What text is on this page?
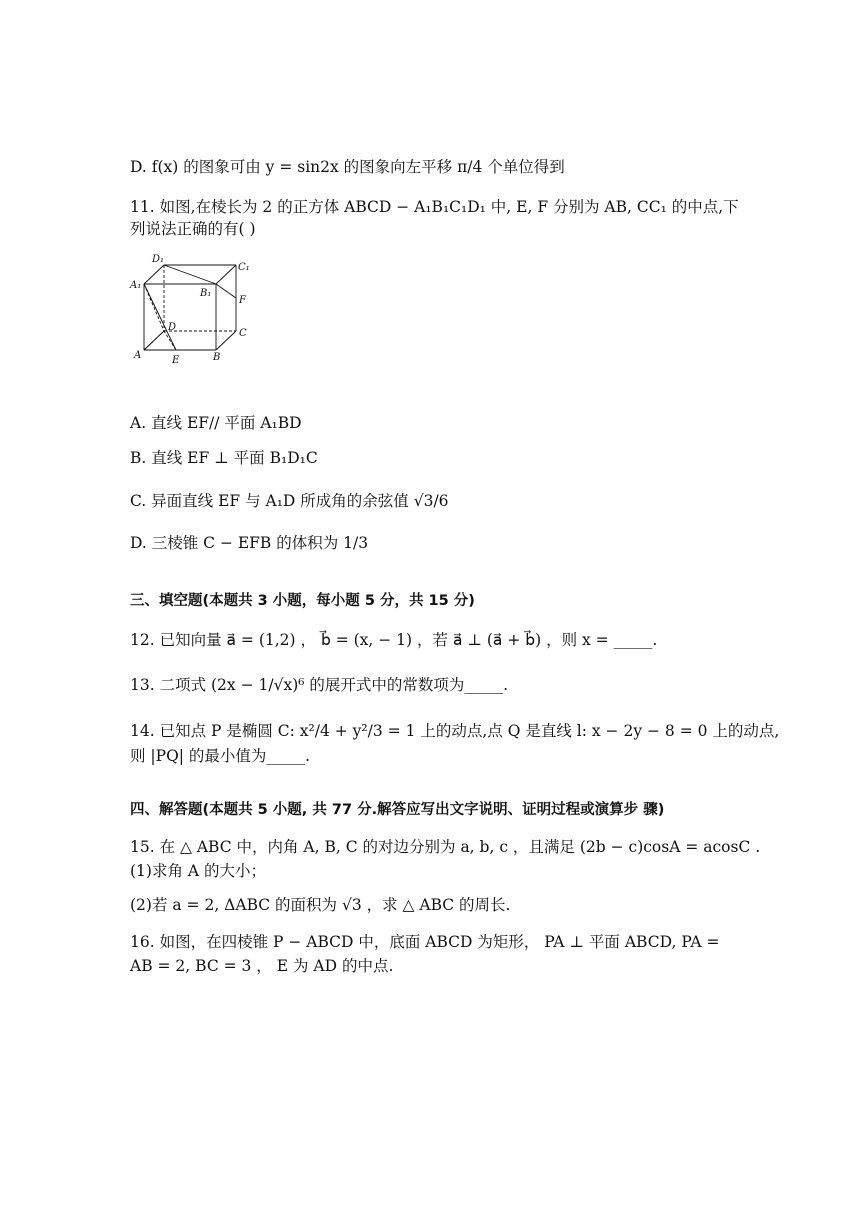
D. f(x) 的图象可由 y = sin2x 的图象向左平移 π/4 个单位得到
11. 如图,在棱长为 2 的正方体 ABCD − A₁B₁C₁D₁ 中, E, F 分别为 AB, CC₁ 的中点,下
列说法正确的有( )
D₁
C₁
A₁
B₁
F
D
C
A	E	B
A. 直线 EF// 平面 A₁BD
B. 直线 EF ⊥ 平面 B₁D₁C
C. 异面直线 EF 与 A₁D 所成角的余弦值 √3/6
D. 三棱锥 C − EFB 的体积为 1/3
三、填空题(本题共 3 小题，每小题 5 分，共 15 分)
12. 已知向量 a⃗ = (1,2) ， b⃗ = (x, − 1) ，若 a⃗ ⊥ (a⃗ + b⃗) ，则 x = _____.
13. 二项式 (2x − 1/√x)⁶ 的展开式中的常数项为_____.
14. 已知点 P 是椭圆 C: x²/4 + y²/3 = 1 上的动点,点 Q 是直线 l: x − 2y − 8 = 0 上的动点,
则 |PQ| 的最小值为_____.
四、解答题(本题共 5 小题, 共 77 分.解答应写出文字说明、证明过程或演算步 骤)
15. 在 △ ABC 中，内角 A, B, C 的对边分别为 a, b, c ，且满足 (2b − c)cosA = acosC .
(1)求角 A 的大小；
(2)若 a = 2, ΔABC 的面积为 √3 ，求 △ ABC 的周长.
16. 如图，在四棱锥 P − ABCD 中，底面 ABCD 为矩形， PA ⊥ 平面 ABCD, PA =
AB = 2, BC = 3 ， E 为 AD 的中点.
